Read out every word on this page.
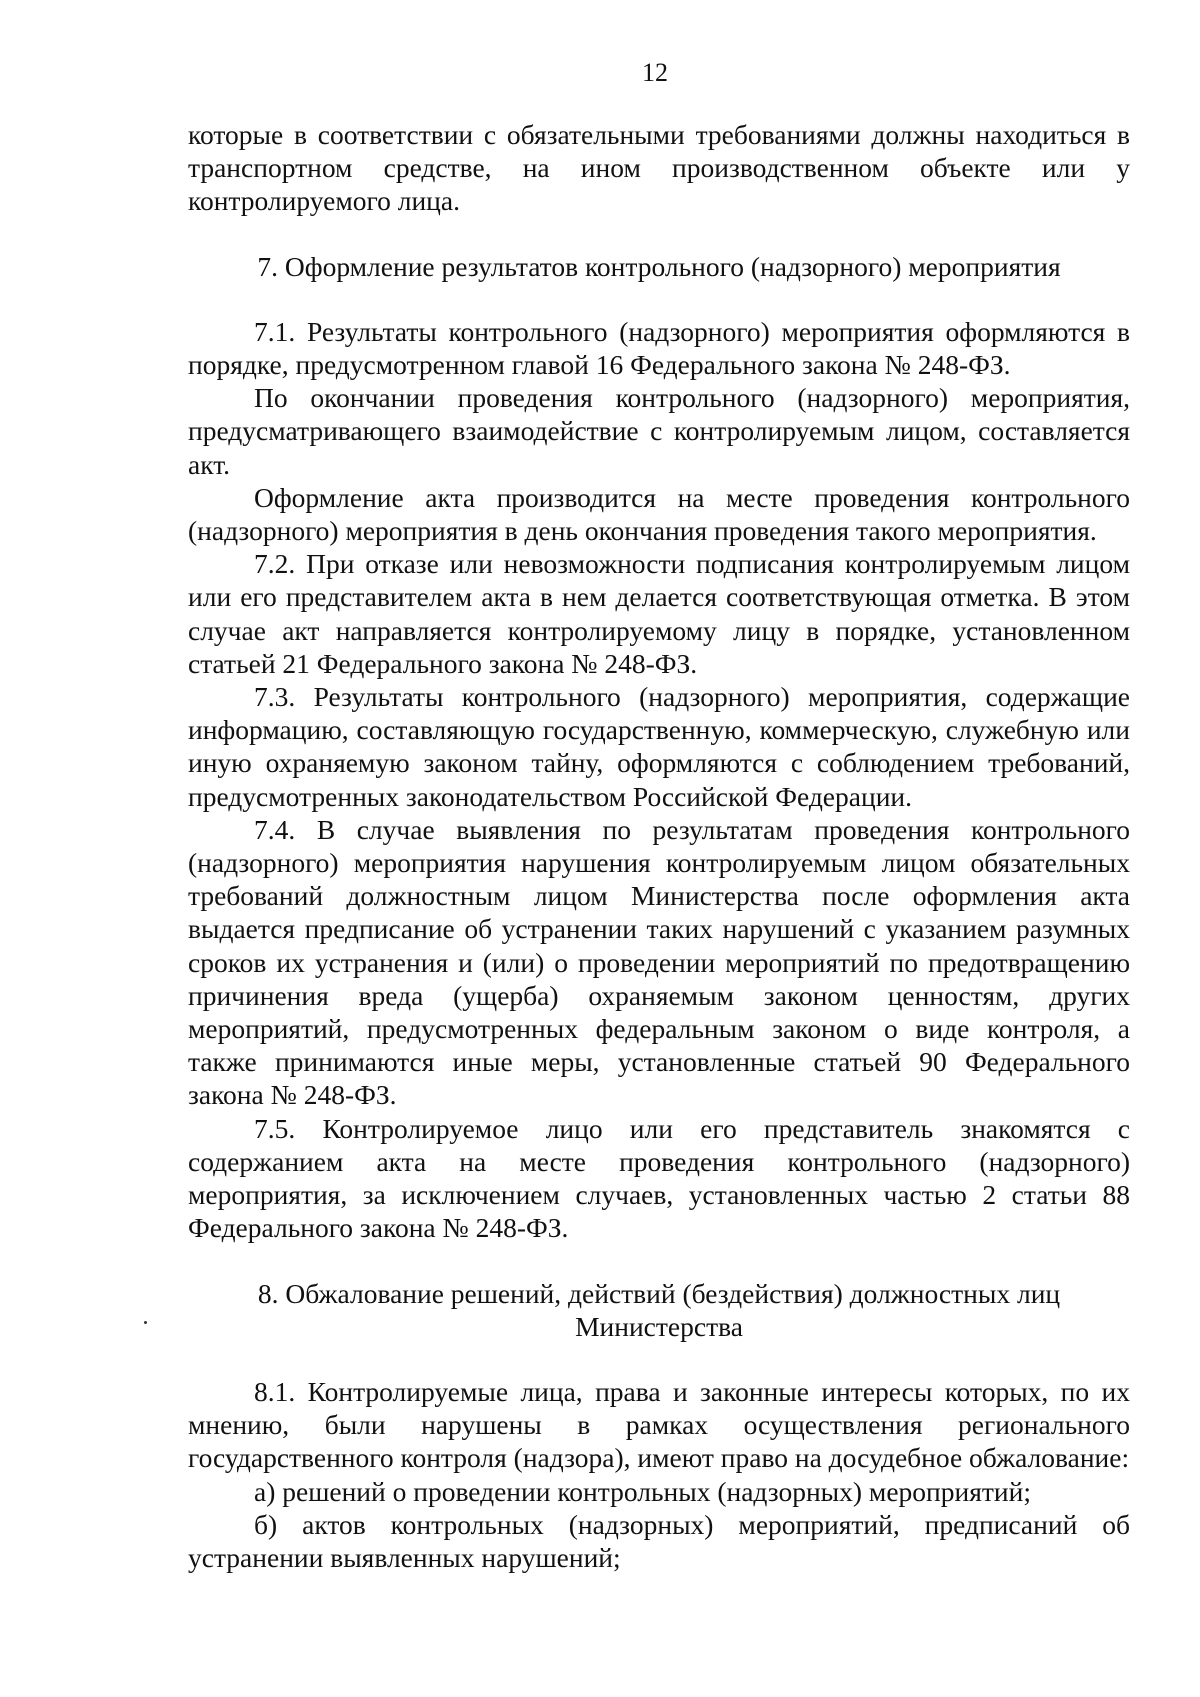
12

которые в соответствии с обязательными требованиями должны находиться в транспортном средстве, на ином производственном объекте или у контролируемого лица.

7. Оформление результатов контрольного (надзорного) мероприятия

7.1. Результаты контрольного (надзорного) мероприятия оформляются в порядке, предусмотренном главой 16 Федерального закона № 248-ФЗ.

По окончании проведения контрольного (надзорного) мероприятия, предусматривающего взаимодействие с контролируемым лицом, составляется акт.

Оформление акта производится на месте проведения контрольного (надзорного) мероприятия в день окончания проведения такого мероприятия.

7.2. При отказе или невозможности подписания контролируемым лицом или его представителем акта в нем делается соответствующая отметка. В этом случае акт направляется контролируемому лицу в порядке, установленном статьей 21 Федерального закона № 248-ФЗ.

7.3. Результаты контрольного (надзорного) мероприятия, содержащие информацию, составляющую государственную, коммерческую, служебную или иную охраняемую законом тайну, оформляются с соблюдением требований, предусмотренных законодательством Российской Федерации.

7.4. В случае выявления по результатам проведения контрольного (надзорного) мероприятия нарушения контролируемым лицом обязательных требований должностным лицом Министерства после оформления акта выдается предписание об устранении таких нарушений с указанием разумных сроков их устранения и (или) о проведении мероприятий по предотвращению причинения вреда (ущерба) охраняемым законом ценностям, других мероприятий, предусмотренных федеральным законом о виде контроля, а также принимаются иные меры, установленные статьей 90 Федерального закона № 248-ФЗ.

7.5. Контролируемое лицо или его представитель знакомятся с содержанием акта на месте проведения контрольного (надзорного) мероприятия, за исключением случаев, установленных частью 2 статьи 88 Федерального закона № 248-ФЗ.

8. Обжалование решений, действий (бездействия) должностных лиц
Министерства

8.1. Контролируемые лица, права и законные интересы которых, по их мнению, были нарушены в рамках осуществления регионального государственного контроля (надзора), имеют право на досудебное обжалование:

а) решений о проведении контрольных (надзорных) мероприятий;

б) актов контрольных (надзорных) мероприятий, предписаний об устранении выявленных нарушений;
